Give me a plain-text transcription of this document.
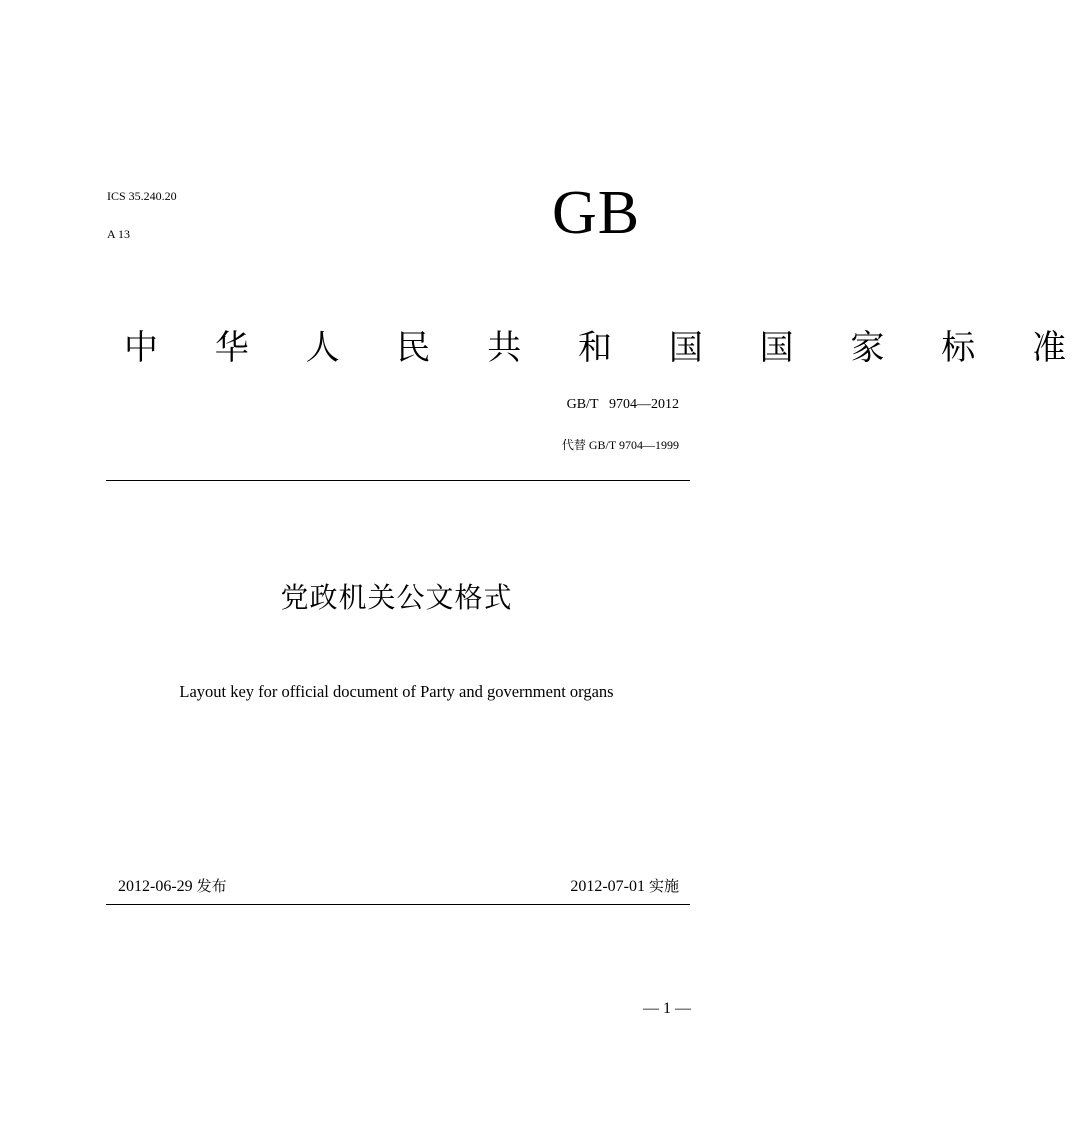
ICS 35.240.20
A 13	GB
中 华 人 民 共 和 国 国 家 标 准
GB/T   9704—2012
代替 GB/T 9704—1999
党政机关公文格式
Layout key for official document of Party and government organs
2012-06-29 发布	2012-07-01 实施
— 1 —
